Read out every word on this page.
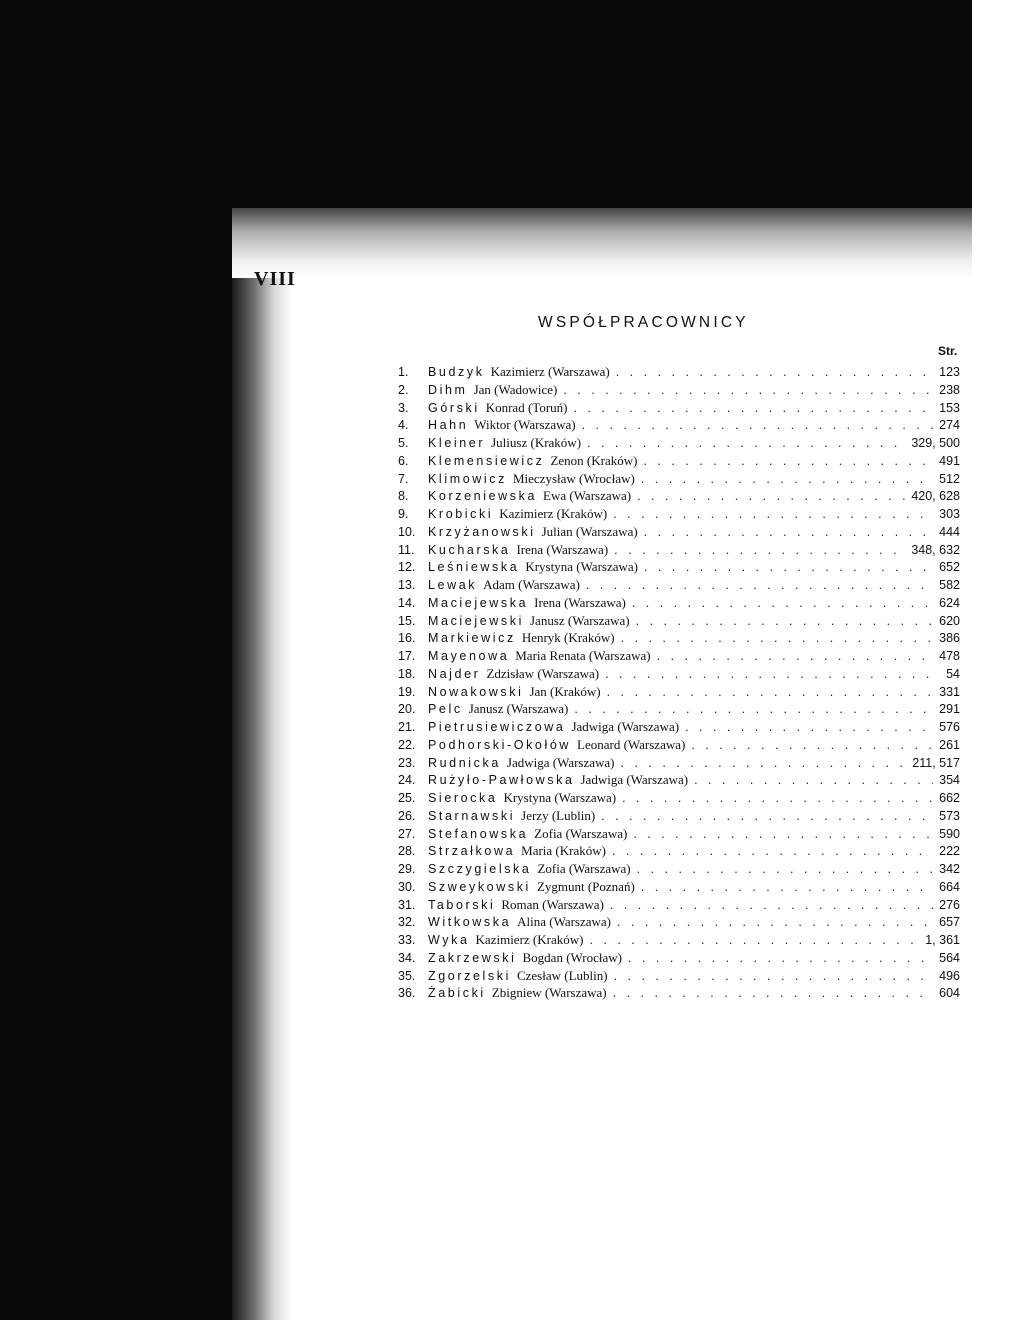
VIII
WSPÓŁPRACOWNICY
Str.
1.	Budzyk Kazimierz (Warszawa) . . .	123
2.	Dihm Jan (Wadowice) . . .	238
3.	Górski Konrad (Toruń) . . .	153
4.	Hahn Wiktor (Warszawa) . . .	274
5.	Kleiner Juliusz (Kraków) . . .	329, 500
6.	Klemensiewicz Zenon (Kraków) . . .	491
7.	Klimowicz Mieczysław (Wrocław) . . .	512
8.	Korzeniewska Ewa (Warszawa) . . .	420, 628
9.	Krobicki Kazimierz (Kraków) . . .	303
10.	Krzyżanowski Julian (Warszawa) . . .	444
11.	Kucharska Irena (Warszawa) . . .	348, 632
12.	Leśniewska Krystyna (Warszawa) . . .	652
13.	Lewak Adam (Warszawa) . . .	582
14.	Maciejewska Irena (Warszawa) . . .	624
15.	Maciejewski Janusz (Warszawa) . . .	620
16.	Markiewicz Henryk (Kraków) . . .	386
17.	Mayenowa Maria Renata (Warszawa) . . .	478
18.	Najder Zdzisław (Warszawa) . . .	54
19.	Nowakowski Jan (Kraków) . . .	331
20.	Pelc Janusz (Warszawa) . . .	291
21.	Pietrusiewiczowa Jadwiga (Warszawa) . . .	576
22.	Podhorski-Okołów Leonard (Warszawa) . . .	261
23.	Rudnicka Jadwiga (Warszawa) . . .	211, 517
24.	Rużyło-Pawłowska Jadwiga (Warszawa) . . .	354
25.	Sierocka Krystyna (Warszawa) . . .	662
26.	Starnawski Jerzy (Lublin) . . .	573
27.	Stefanowska Zofia (Warszawa) . . .	590
28.	Strzałkowa Maria (Kraków) . . .	222
29.	Szczygielska Zofia (Warszawa) . . .	342
30.	Szweykowski Zygmunt (Poznań) . . .	664
31.	Taborski Roman (Warszawa) . . .	276
32.	Witkowska Alina (Warszawa) . . .	657
33.	Wyka Kazimierz (Kraków) . . .	1, 361
34.	Zakrzewski Bogdan (Wrocław) . . .	564
35.	Zgorzelski Czesław (Lublin) . . .	496
36.	Żabicki Zbigniew (Warszawa) . . .	604
